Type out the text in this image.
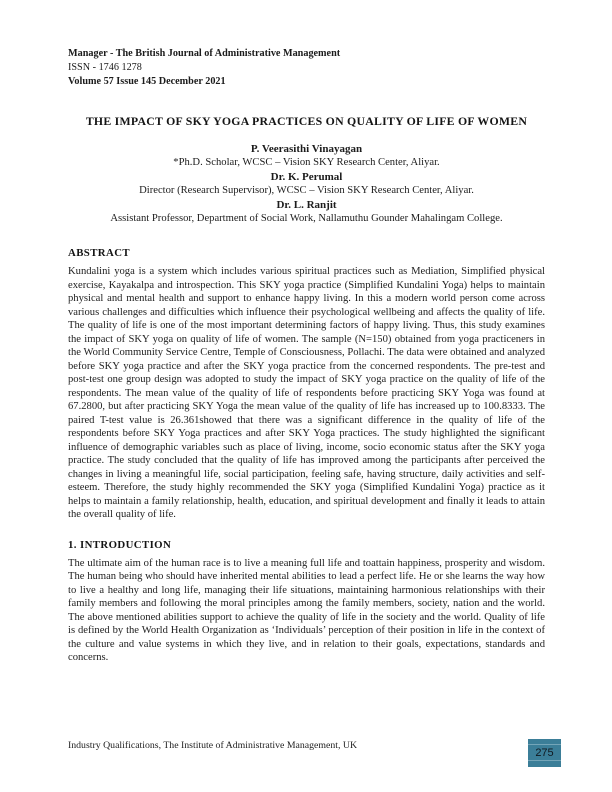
Manager - The British Journal of Administrative Management
ISSN - 1746 1278
Volume 57 Issue 145 December 2021
THE IMPACT OF SKY YOGA PRACTICES ON QUALITY OF LIFE OF WOMEN
P. Veerasithi Vinayagan
*Ph.D. Scholar, WCSC – Vision SKY Research Center, Aliyar.
Dr. K. Perumal
Director (Research Supervisor), WCSC – Vision SKY Research Center, Aliyar.
Dr. L. Ranjit
Assistant Professor, Department of Social Work, Nallamuthu Gounder Mahalingam College.
ABSTRACT

Kundalini yoga is a system which includes various spiritual practices such as Mediation, Simplified physical exercise, Kayakalpa and introspection. This SKY yoga practice (Simplified Kundalini Yoga) helps to maintain physical and mental health and support to enhance happy living. In this a modern world person come across various challenges and difficulties which influence their psychological wellbeing and affects the quality of life. The quality of life is one of the most important determining factors of happy living. Thus, this study examines the impact of SKY yoga on quality of life of women. The sample (N=150) obtained from yoga practiceners in the World Community Service Centre, Temple of Consciousness, Pollachi. The data were obtained and analyzed before SKY yoga practice and after the SKY yoga practice from the concerned respondents. The pre-test and post-test one group design was adopted to study the impact of SKY yoga practice on the quality of life of the respondents. The mean value of the quality of life of respondents before practicing SKY Yoga was found at 67.2800, but after practicing SKY Yoga the mean value of the quality of life has increased up to 100.8333. The paired T-test value is 26.361showed that there was a significant difference in the quality of life of the respondents before SKY Yoga practices and after SKY Yoga practices. The study highlighted the significant influence of demographic variables such as place of living, income, socio economic status after the SKY yoga practice. The study concluded that the quality of life has improved among the participants after perceived the changes in living a meaningful life, social participation, feeling safe, having structure, daily activities and self-esteem. Therefore, the study highly recommended the SKY yoga (Simplified Kundalini Yoga) practice as it helps to maintain a family relationship, health, education, and spiritual development and finally it leads to attain the overall quality of life.

1. INTRODUCTION

The ultimate aim of the human race is to live a meaning full life and toattain happiness, prosperity and wisdom. The human being who should have inherited mental abilities to lead a perfect life. He or she learns the way how to live a healthy and long life, managing their life situations, maintaining harmonious relationships with their family members and following the moral principles among the family members, society, nation and the world. The above mentioned abilities support to achieve the quality of life in the society and the world. Quality of life is defined by the World Health Organization as ‘Individuals’ perception of their position in life in the context of the culture and value systems in which they live, and in relation to their goals, expectations, standards and concerns.

Industry Qualifications, The Institute of Administrative Management, UK
275
